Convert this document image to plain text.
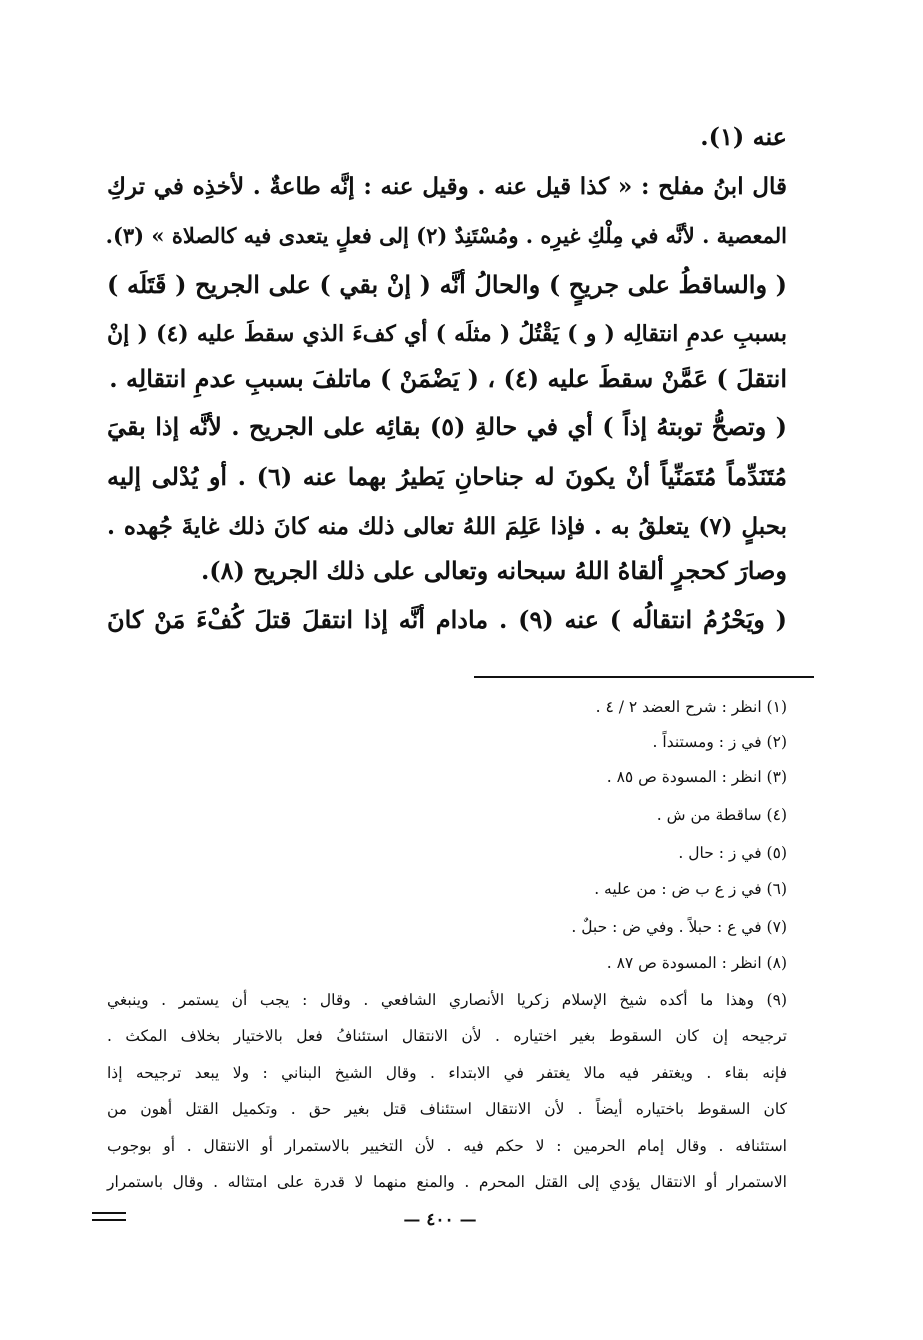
عنه (١).
قال ابنُ مفلح : « كذا قيل عنه . وقيل عنه : إنَّه طاعةٌ . لأخذِه في تركِ
المعصية . لأنَّه في مِلْكِ غيرِه . ومُسْتَنِدٌ (٢) إلى فعلٍ يتعدى فيه كالصلاة » (٣).
( والساقطُ على جريحٍ ) والحالُ أنَّه ( إنْ بقي ) على الجريح ( قَتَلَه )
بسببِ عدمِ انتقالِه ( و ) يَقْتُلُ ( مثلَه ) أي كفءَ الذي سقطَ عليه (٤) ( إنْ
انتقلَ ) عَمَّنْ سقطَ عليه (٤) ، ( يَضْمَنْ ) ماتلفَ بسببِ عدمِ انتقالِه .
( وتصحُّ توبتهُ إذاً ) أي في حالةِ (٥) بقائِه على الجريح . لأنَّه إذا بقيَ
مُتَنَدِّماً مُتَمَنِّياً أنْ يكونَ له جناحانِ يَطيرُ بهما عنه (٦) . أو يُدْلى إليه
بحبلٍ (٧) يتعلقُ به . فإذا عَلِمَ اللهُ تعالى ذلك منه كانَ ذلك غايةَ جُهده .
وصارَ كحجرٍ ألقاهُ اللهُ سبحانه وتعالى على ذلك الجريح (٨).
( ويَحْرُمُ انتقالُه ) عنه (٩) . مادام أنَّه إذا انتقلَ قتلَ كُفْءَ مَنْ كانَ
(١) انظر : شرح العضد ٢ / ٤ .
(٢) في ز : ومستنداً .
(٣) انظر : المسودة ص ٨٥ .
(٤) ساقطة من ش .
(٥) في ز : حال .
(٦) في ز ع ب ض : من عليه .
(٧) في ع : حبلاً . وفي ض : حبلٌ .
(٨) انظر : المسودة ص ٨٧ .
(٩) وهذا ما أكده شيخ الإسلام زكريا الأنصاري الشافعي . وقال : يجب أن يستمر . وينبغي
ترجيحه إن كان السقوط بغير اختياره . لأن الانتقال استئنافُ فعل بالاختيار بخلاف المكث .
فإنه بقاء . ويغتفر فيه مالا يغتفر في الابتداء . وقال الشيخ البناني : ولا يبعد ترجيحه إذا
كان السقوط باختياره أيضاً . لأن الانتقال استئناف قتل بغير حق . وتكميل القتل أهون من
استئنافه . وقال إمام الحرمين : لا حكم فيه . لأن التخيير بالاستمرار أو الانتقال . أو بوجوب
الاستمرار أو الانتقال يؤدي إلى القتل المحرم . والمنع منهما لا قدرة على امتثاله . وقال باستمرار
— ٤٠٠ —
